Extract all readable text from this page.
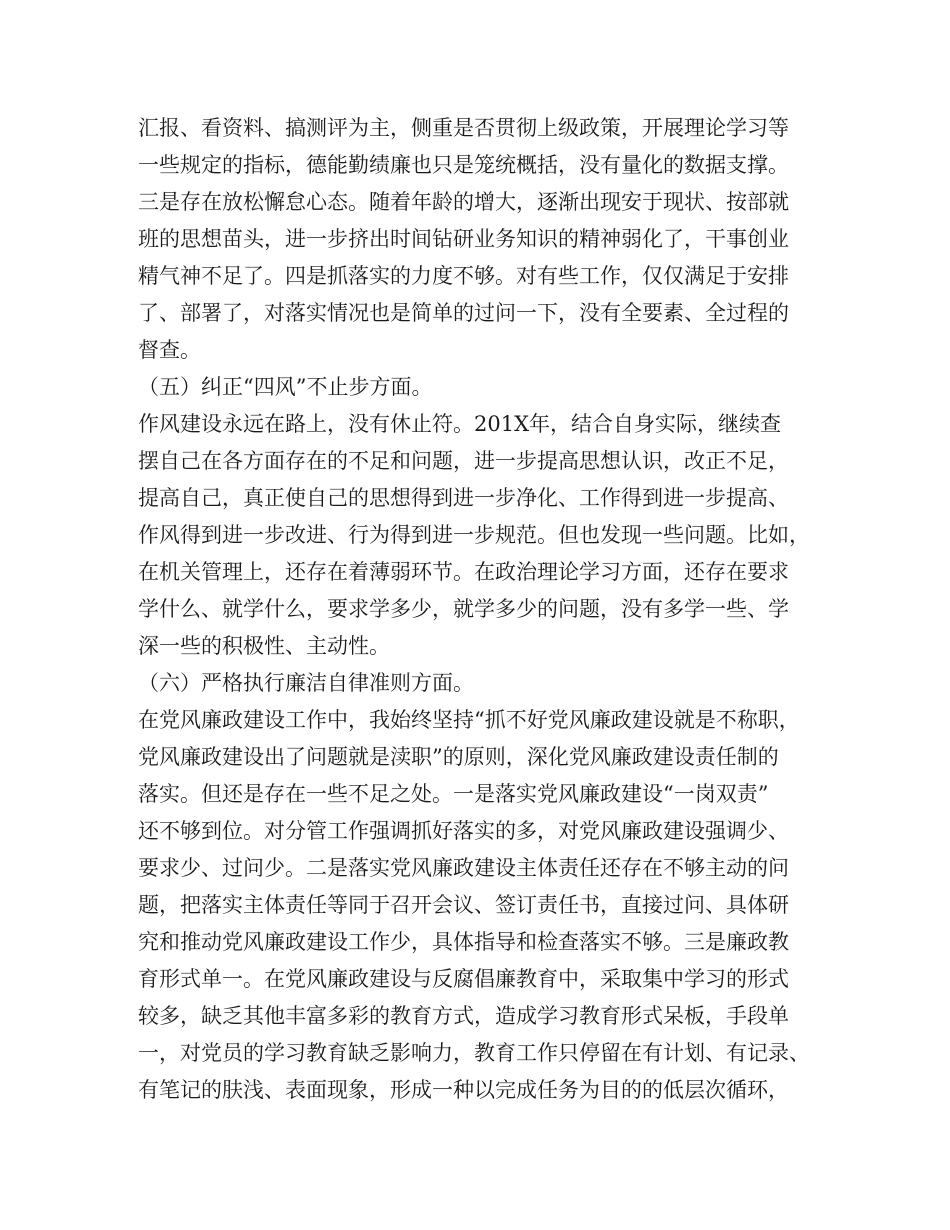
汇报、看资料、搞测评为主，侧重是否贯彻上级政策，开展理论学习等
一些规定的指标，德能勤绩廉也只是笼统概括，没有量化的数据支撑。
三是存在放松懈怠心态。随着年龄的增大，逐渐出现安于现状、按部就
班的思想苗头，进一步挤出时间钻研业务知识的精神弱化了，干事创业
精气神不足了。四是抓落实的力度不够。对有些工作，仅仅满足于安排
了、部署了，对落实情况也是简单的过问一下，没有全要素、全过程的
督查。
（五）纠正“四风”不止步方面。
作风建设永远在路上，没有休止符。201X年，结合自身实际，继续查
摆自己在各方面存在的不足和问题，进一步提高思想认识，改正不足，
提高自己，真正使自己的思想得到进一步净化、工作得到进一步提高、
作风得到进一步改进、行为得到进一步规范。但也发现一些问题。比如，
在机关管理上，还存在着薄弱环节。在政治理论学习方面，还存在要求
学什么、就学什么，要求学多少，就学多少的问题，没有多学一些、学
深一些的积极性、主动性。
（六）严格执行廉洁自律准则方面。
在党风廉政建设工作中，我始终坚持“抓不好党风廉政建设就是不称职，
党风廉政建设出了问题就是渎职”的原则，深化党风廉政建设责任制的
落实。但还是存在一些不足之处。一是落实党风廉政建设“一岗双责”
还不够到位。对分管工作强调抓好落实的多，对党风廉政建设强调少、
要求少、过问少。二是落实党风廉政建设主体责任还存在不够主动的问
题，把落实主体责任等同于召开会议、签订责任书，直接过问、具体研
究和推动党风廉政建设工作少，具体指导和检查落实不够。三是廉政教
育形式单一。在党风廉政建设与反腐倡廉教育中，采取集中学习的形式
较多，缺乏其他丰富多彩的教育方式，造成学习教育形式呆板，手段单
一，对党员的学习教育缺乏影响力，教育工作只停留在有计划、有记录、
有笔记的肤浅、表面现象，形成一种以完成任务为目的的低层次循环，
